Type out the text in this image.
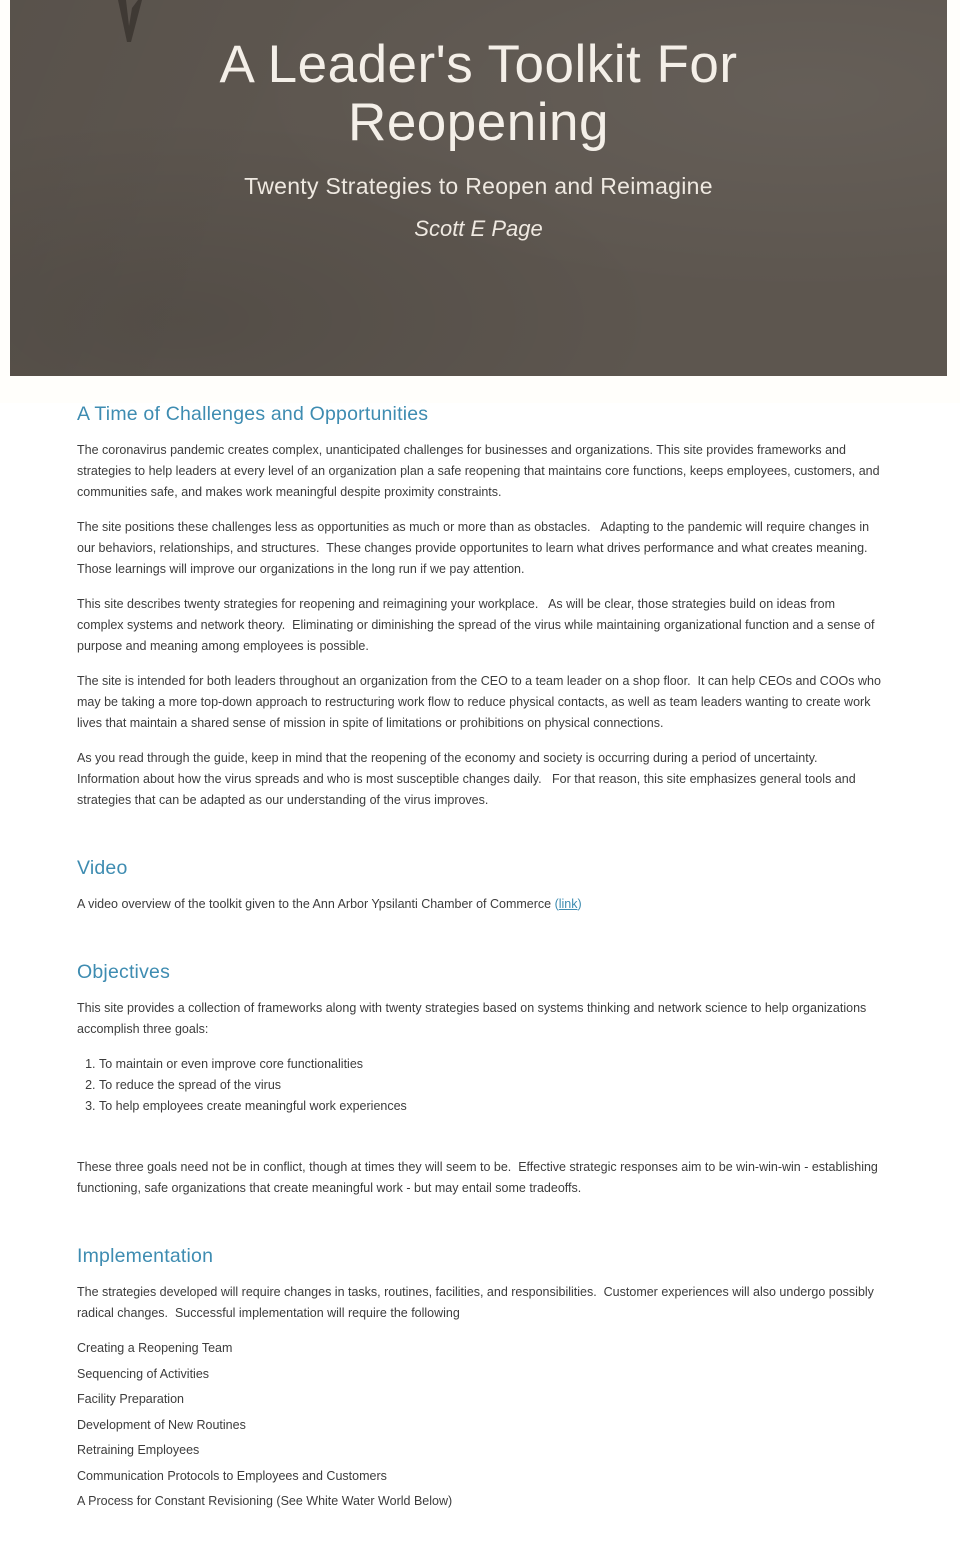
A Leader's Toolkit For
Reopening
Twenty Strategies to Reopen and Reimagine
Scott E Page
A Time of Challenges and Opportunities

The coronavirus pandemic creates complex, unanticipated challenges for businesses and organizations. This site provides frameworks and strategies to help leaders at every level of an organization plan a safe reopening that maintains core functions, keeps employees, customers, and communities safe, and makes work meaningful despite proximity constraints.

The site positions these challenges less as opportunities as much or more than as obstacles.   Adapting to the pandemic will require changes in our behaviors, relationships, and structures.  These changes provide opportunites to learn what drives performance and what creates meaning.  Those learnings will improve our organizations in the long run if we pay attention.

This site describes twenty strategies for reopening and reimagining your workplace.   As will be clear, those strategies build on ideas from complex systems and network theory.  Eliminating or diminishing the spread of the virus while maintaining organizational function and a sense of purpose and meaning among employees is possible.

The site is intended for both leaders throughout an organization from the CEO to a team leader on a shop floor.  It can help CEOs and COOs who may be taking a more top-down approach to restructuring work flow to reduce physical contacts, as well as team leaders wanting to create work lives that maintain a shared sense of mission in spite of limitations or prohibitions on physical connections.

As you read through the guide, keep in mind that the reopening of the economy and society is occurring during a period of uncertainty.  Information about how the virus spreads and who is most susceptible changes daily.   For that reason, this site emphasizes general tools and strategies that can be adapted as our understanding of the virus improves.

Video

A video overview of the toolkit given to the Ann Arbor Ypsilanti Chamber of Commerce (link)

Objectives

This site provides a collection of frameworks along with twenty strategies based on systems thinking and network science to help organizations accomplish three goals:

1. To maintain or even improve core functionalities
2. To reduce the spread of the virus
3. To help employees create meaningful work experiences

These three goals need not be in conflict, though at times they will seem to be.  Effective strategic responses aim to be win-win-win - establishing functioning, safe organizations that create meaningful work - but may entail some tradeoffs.

Implementation

The strategies developed will require changes in tasks, routines, facilities, and responsibilities.  Customer experiences will also undergo possibly radical changes.  Successful implementation will require the following

Creating a Reopening Team

Sequencing of Activities

Facility Preparation

Development of New Routines

Retraining Employees

Communication Protocols to Employees and Customers

A Process for Constant Revisioning (See White Water World Below)
